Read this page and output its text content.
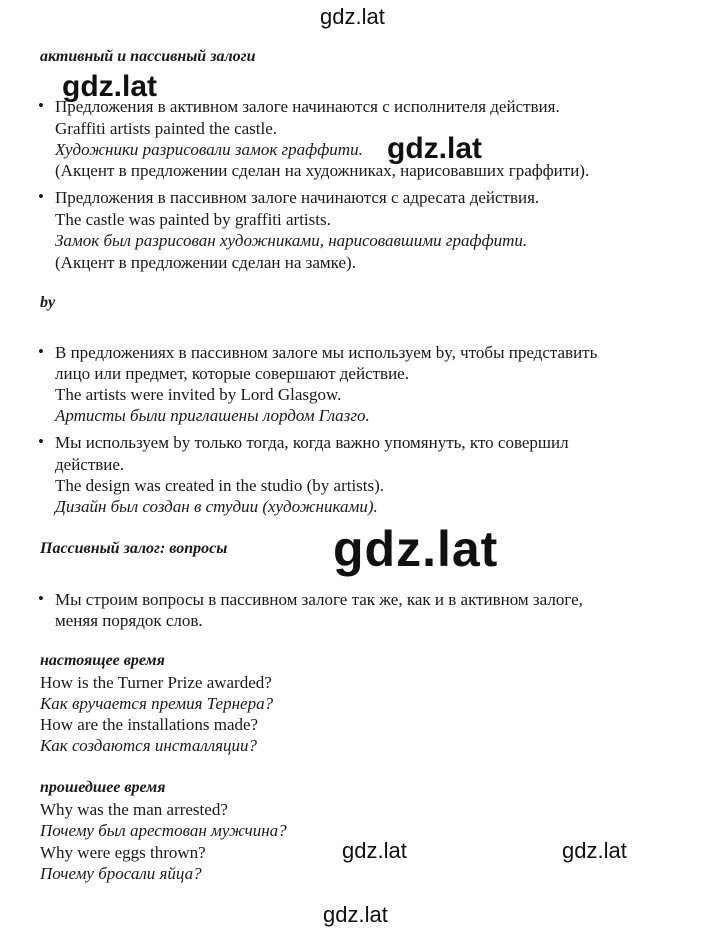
gdz.lat
gdz.lat
gdz.lat
gdz.lat
gdz.lat	gdz.lat
gdz.lat
активный и пассивный залоги
• Предложения в активном залоге начинаются с исполнителя действия.
Graffiti artists painted the castle.
Художники разрисовали замок граффити.
(Акцент в предложении сделан на художниках, нарисовавших граффити).
• Предложения в пассивном залоге начинаются с адресата действия.
The castle was painted by graffiti artists.
Замок был разрисован художниками, нарисовавшими граффити.
(Акцент в предложении сделан на замке).
by
• В предложениях в пассивном залоге мы используем by, чтобы представить
лицо или предмет, которые совершают действие.
The artists were invited by Lord Glasgow.
Артисты были приглашены лордом Глазго.
• Мы используем by только тогда, когда важно упомянуть, кто совершил
действие.
The design was created in the studio (by artists).
Дизайн был создан в студии (художниками).
Пассивный залог: вопросы
• Мы строим вопросы в пассивном залоге так же, как и в активном залоге,
меняя порядок слов.
настоящее время
How is the Turner Prize awarded?
Как вручается премия Тернера?
How are the installations made?
Как создаются инсталляции?
прошедшее время
Why was the man arrested?
Почему был арестован мужчина?
Why were eggs thrown?
Почему бросали яйца?
